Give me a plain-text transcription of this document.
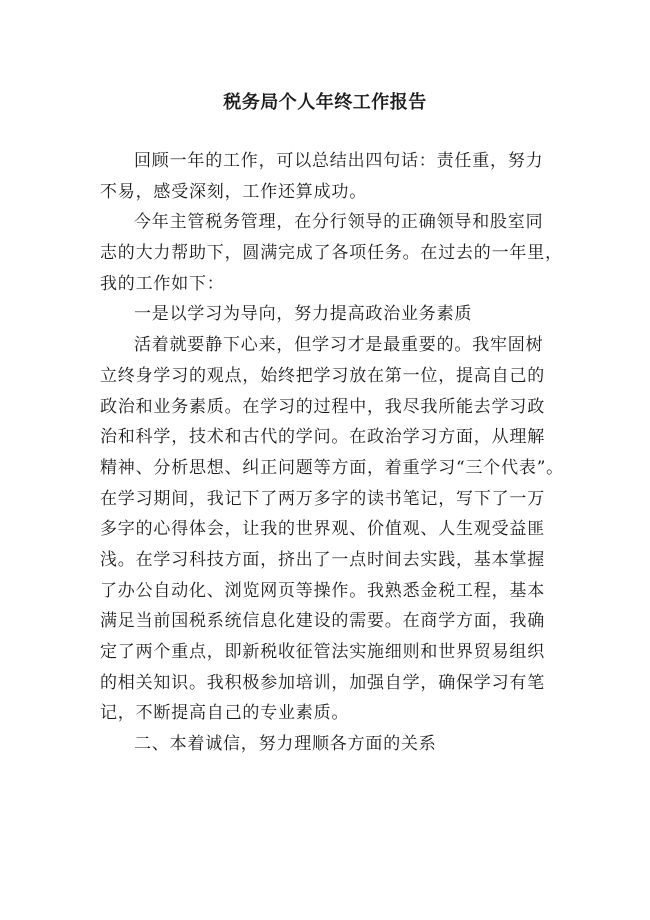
税务局个人年终工作报告
回顾一年的工作，可以总结出四句话：责任重，努力
不易，感受深刻，工作还算成功。
今年主管税务管理，在分行领导的正确领导和股室同
志的大力帮助下，圆满完成了各项任务。在过去的一年里，
我的工作如下：
一是以学习为导向，努力提高政治业务素质
活着就要静下心来，但学习才是最重要的。我牢固树
立终身学习的观点，始终把学习放在第一位，提高自己的
政治和业务素质。在学习的过程中，我尽我所能去学习政
治和科学，技术和古代的学问。在政治学习方面，从理解
精神、分析思想、纠正问题等方面，着重学习“三个代表”。
在学习期间，我记下了两万多字的读书笔记，写下了一万
多字的心得体会，让我的世界观、价值观、人生观受益匪
浅。在学习科技方面，挤出了一点时间去实践，基本掌握
了办公自动化、浏览网页等操作。我熟悉金税工程，基本
满足当前国税系统信息化建设的需要。在商学方面，我确
定了两个重点，即新税收征管法实施细则和世界贸易组织
的相关知识。我积极参加培训，加强自学，确保学习有笔
记，不断提高自己的专业素质。
二、本着诚信，努力理顺各方面的关系
